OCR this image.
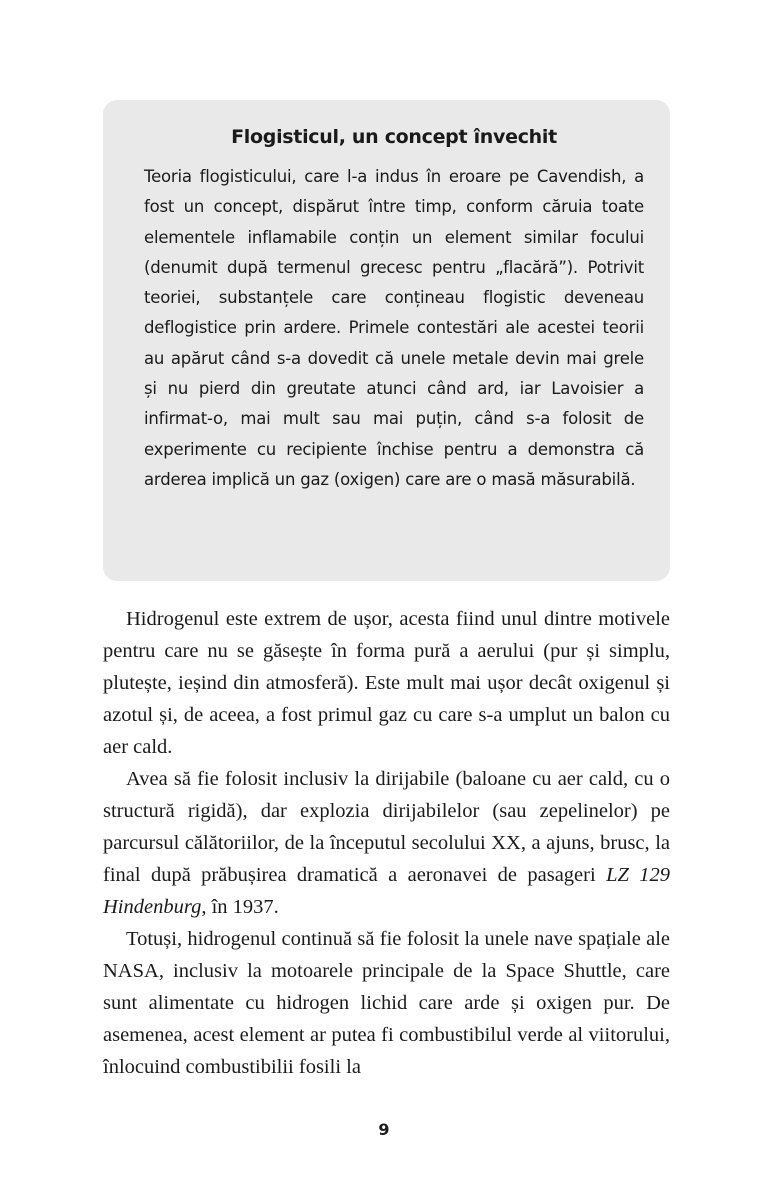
Flogisticul, un concept învechit

Teoria flogisticului, care l-a indus în eroare pe Cavendish, a fost un concept, dispărut între timp, conform căruia toate elementele inflamabile conțin un element similar focului (denumit după termenul grecesc pentru „flacără”). Potrivit teoriei, substanțele care conțineau flogistic deveneau deflogistice prin ardere. Primele contestări ale acestei teorii au apărut când s-a dovedit că unele metale devin mai grele și nu pierd din greutate atunci când ard, iar Lavoisier a infirmat-o, mai mult sau mai puțin, când s-a folosit de experimente cu recipiente închise pentru a demonstra că arderea implică un gaz (oxigen) care are o masă măsurabilă.

Hidrogenul este extrem de ușor, acesta fiind unul dintre motivele pentru care nu se găsește în forma pură a aerului (pur și simplu, plutește, ieșind din atmosferă). Este mult mai ușor decât oxigenul și azotul și, de aceea, a fost primul gaz cu care s-a umplut un balon cu aer cald.

Avea să fie folosit inclusiv la dirijabile (baloane cu aer cald, cu o structură rigidă), dar explozia dirijabilelor (sau zepelinelor) pe parcursul călătoriilor, de la începutul secolului XX, a ajuns, brusc, la final după prăbușirea dramatică a aeronavei de pasageri LZ 129 Hindenburg, în 1937.

Totuși, hidrogenul continuă să fie folosit la unele nave spațiale ale NASA, inclusiv la motoarele principale de la Space Shuttle, care sunt alimentate cu hidrogen lichid care arde și oxigen pur. De asemenea, acest element ar putea fi combustibilul verde al viitorului, înlocuind combustibilii fosili la

9
